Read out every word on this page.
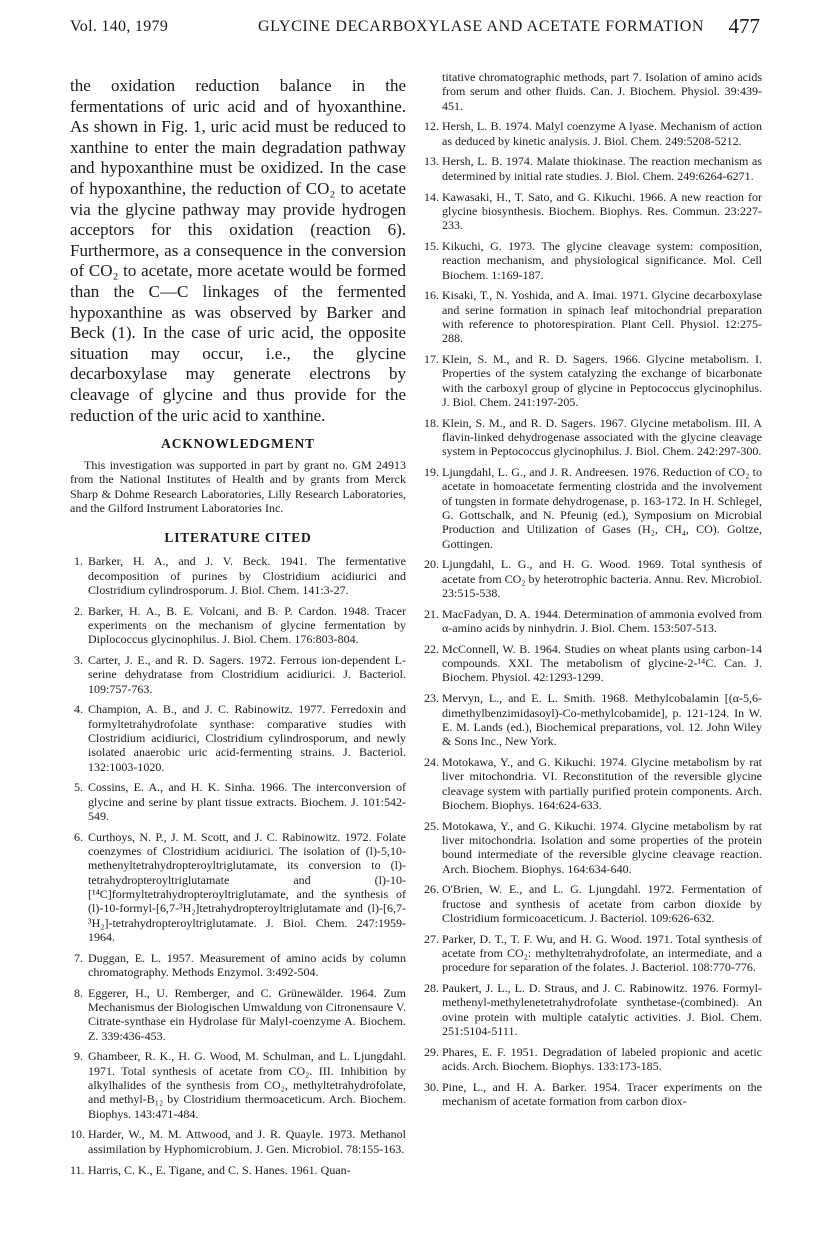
Vol. 140, 1979	GLYCINE DECARBOXYLASE AND ACETATE FORMATION 477

the oxidation reduction balance in the fermentations of uric acid and of hyoxanthine. As shown in Fig. 1, uric acid must be reduced to xanthine to enter the main degradation pathway and hypoxanthine must be oxidized. In the case of hypoxanthine, the reduction of CO₂ to acetate via the glycine pathway may provide hydrogen acceptors for this oxidation (reaction 6). Furthermore, as a consequence in the conversion of CO₂ to acetate, more acetate would be formed than the C—C linkages of the fermented hypoxanthine as was observed by Barker and Beck (1). In the case of uric acid, the opposite situation may occur, i.e., the glycine decarboxylase may generate electrons by cleavage of glycine and thus provide for the reduction of the uric acid to xanthine.

ACKNOWLEDGMENT

This investigation was supported in part by grant no. GM 24913 from the National Institutes of Health and by grants from Merck Sharp & Dohme Research Laboratories, Lilly Research Laboratories, and the Gilford Instrument Laboratories Inc.

LITERATURE CITED
1. Barker, H. A., and J. V. Beck. 1941. The fermentative decomposition of purines by Clostridium acidiurici and Clostridium cylindrosporum. J. Biol. Chem. 141:3-27.
2. Barker, H. A., B. E. Volcani, and B. P. Cardon. 1948. Tracer experiments on the mechanism of glycine fermentation by Diplococcus glycinophilus. J. Biol. Chem. 176:803-804.
3. Carter, J. E., and R. D. Sagers. 1972. Ferrous ion-dependent L-serine dehydratase from Clostridium acidiurici. J. Bacteriol. 109:757-763.
4. Champion, A. B., and J. C. Rabinowitz. 1977. Ferredoxin and formyltetrahydrofolate synthase: comparative studies with Clostridium acidiurici, Clostridium cylindrosporum, and newly isolated anaerobic uric acid-fermenting strains. J. Bacteriol. 132:1003-1020.
5. Cossins, E. A., and H. K. Sinha. 1966. The interconversion of glycine and serine by plant tissue extracts. Biochem. J. 101:542-549.
6. Curthoys, N. P., J. M. Scott, and J. C. Rabinowitz. 1972. Folate coenzymes of Clostridium acidiurici. The isolation of (l)-5,10-methenyltetrahydropteroyltriglutamate, its conversion to (l)-tetrahydropteroyltriglutamate and (l)-10-[¹⁴C]formyltetrahydropteroyltriglutamate, and the synthesis of (l)-10-formyl-[6,7-³H₂]tetrahydropteroyltriglutamate and (l)-[6,7-³H₂]-tetrahydropteroyltriglutamate. J. Biol. Chem. 247:1959-1964.
7. Duggan, E. L. 1957. Measurement of amino acids by column chromatography. Methods Enzymol. 3:492-504.
8. Eggerer, H., U. Remberger, and C. Grünewälder. 1964. Zum Mechanismus der Biologischen Umwaldung von Citronensaure V. Citrate-synthase ein Hydrolase für Malyl-coenzyme A. Biochem. Z. 339:436-453.
9. Ghambeer, R. K., H. G. Wood, M. Schulman, and L. Ljungdahl. 1971. Total synthesis of acetate from CO₂. III. Inhibition by alkylhalides of the synthesis from CO₂, methyltetrahydrofolate, and methyl-B₁₂ by Clostridium thermoaceticum. Arch. Biochem. Biophys. 143:471-484.
10. Harder, W., M. M. Attwood, and J. R. Quayle. 1973. Methanol assimilation by Hyphomicrobium. J. Gen. Microbiol. 78:155-163.
11. Harris, C. K., E. Tigane, and C. S. Hanes. 1961. Quan-
titative chromatographic methods, part 7. Isolation of amino acids from serum and other fluids. Can. J. Biochem. Physiol. 39:439-451.
12. Hersh, L. B. 1974. Malyl coenzyme A lyase. Mechanism of action as deduced by kinetic analysis. J. Biol. Chem. 249:5208-5212.
13. Hersh, L. B. 1974. Malate thiokinase. The reaction mechanism as determined by initial rate studies. J. Biol. Chem. 249:6264-6271.
14. Kawasaki, H., T. Sato, and G. Kikuchi. 1966. A new reaction for glycine biosynthesis. Biochem. Biophys. Res. Commun. 23:227-233.
15. Kikuchi, G. 1973. The glycine cleavage system: composition, reaction mechanism, and physiological significance. Mol. Cell Biochem. 1:169-187.
16. Kisaki, T., N. Yoshida, and A. Imai. 1971. Glycine decarboxylase and serine formation in spinach leaf mitochondrial preparation with reference to photorespiration. Plant Cell. Physiol. 12:275-288.
17. Klein, S. M., and R. D. Sagers. 1966. Glycine metabolism. I. Properties of the system catalyzing the exchange of bicarbonate with the carboxyl group of glycine in Peptococcus glycinophilus. J. Biol. Chem. 241:197-205.
18. Klein, S. M., and R. D. Sagers. 1967. Glycine metabolism. III. A flavin-linked dehydrogenase associated with the glycine cleavage system in Peptococcus glycinophilus. J. Biol. Chem. 242:297-300.
19. Ljungdahl, L. G., and J. R. Andreesen. 1976. Reduction of CO₂ to acetate in homoacetate fermenting clostrida and the involvement of tungsten in formate dehydrogenase, p. 163-172. In H. Schlegel, G. Gottschalk, and N. Pfeunig (ed.), Symposium on Microbial Production and Utilization of Gases (H₂, CH₄, CO). Goltze, Gottingen.
20. Ljungdahl, L. G., and H. G. Wood. 1969. Total synthesis of acetate from CO₂ by heterotrophic bacteria. Annu. Rev. Microbiol. 23:515-538.
21. MacFadyan, D. A. 1944. Determination of ammonia evolved from α-amino acids by ninhydrin. J. Biol. Chem. 153:507-513.
22. McConnell, W. B. 1964. Studies on wheat plants using carbon-14 compounds. XXI. The metabolism of glycine-2-¹⁴C. Can. J. Biochem. Physiol. 42:1293-1299.
23. Mervyn, L., and E. L. Smith. 1968. Methylcobalamin [(α-5,6-dimethylbenzimidasoyl)-Co-methylcobamide], p. 121-124. In W. E. M. Lands (ed.), Biochemical preparations, vol. 12. John Wiley & Sons Inc., New York.
24. Motokawa, Y., and G. Kikuchi. 1974. Glycine metabolism by rat liver mitochondria. VI. Reconstitution of the reversible glycine cleavage system with partially purified protein components. Arch. Biochem. Biophys. 164:624-633.
25. Motokawa, Y., and G. Kikuchi. 1974. Glycine metabolism by rat liver mitochondria. Isolation and some properties of the protein bound intermediate of the reversible glycine cleavage reaction. Arch. Biochem. Biophys. 164:634-640.
26. O'Brien, W. E., and L. G. Ljungdahl. 1972. Fermentation of fructose and synthesis of acetate from carbon dioxide by Clostridium formicoaceticum. J. Bacteriol. 109:626-632.
27. Parker, D. T., T. F. Wu, and H. G. Wood. 1971. Total synthesis of acetate from CO₂: methyltetrahydrofolate, an intermediate, and a procedure for separation of the folates. J. Bacteriol. 108:770-776.
28. Paukert, J. L., L. D. Straus, and J. C. Rabinowitz. 1976. Formyl-methenyl-methylenetetrahydrofolate synthetase-(combined). An ovine protein with multiple catalytic activities. J. Biol. Chem. 251:5104-5111.
29. Phares, E. F. 1951. Degradation of labeled propionic and acetic acids. Arch. Biochem. Biophys. 133:173-185.
30. Pine, L., and H. A. Barker. 1954. Tracer experiments on the mechanism of acetate formation from carbon diox-
